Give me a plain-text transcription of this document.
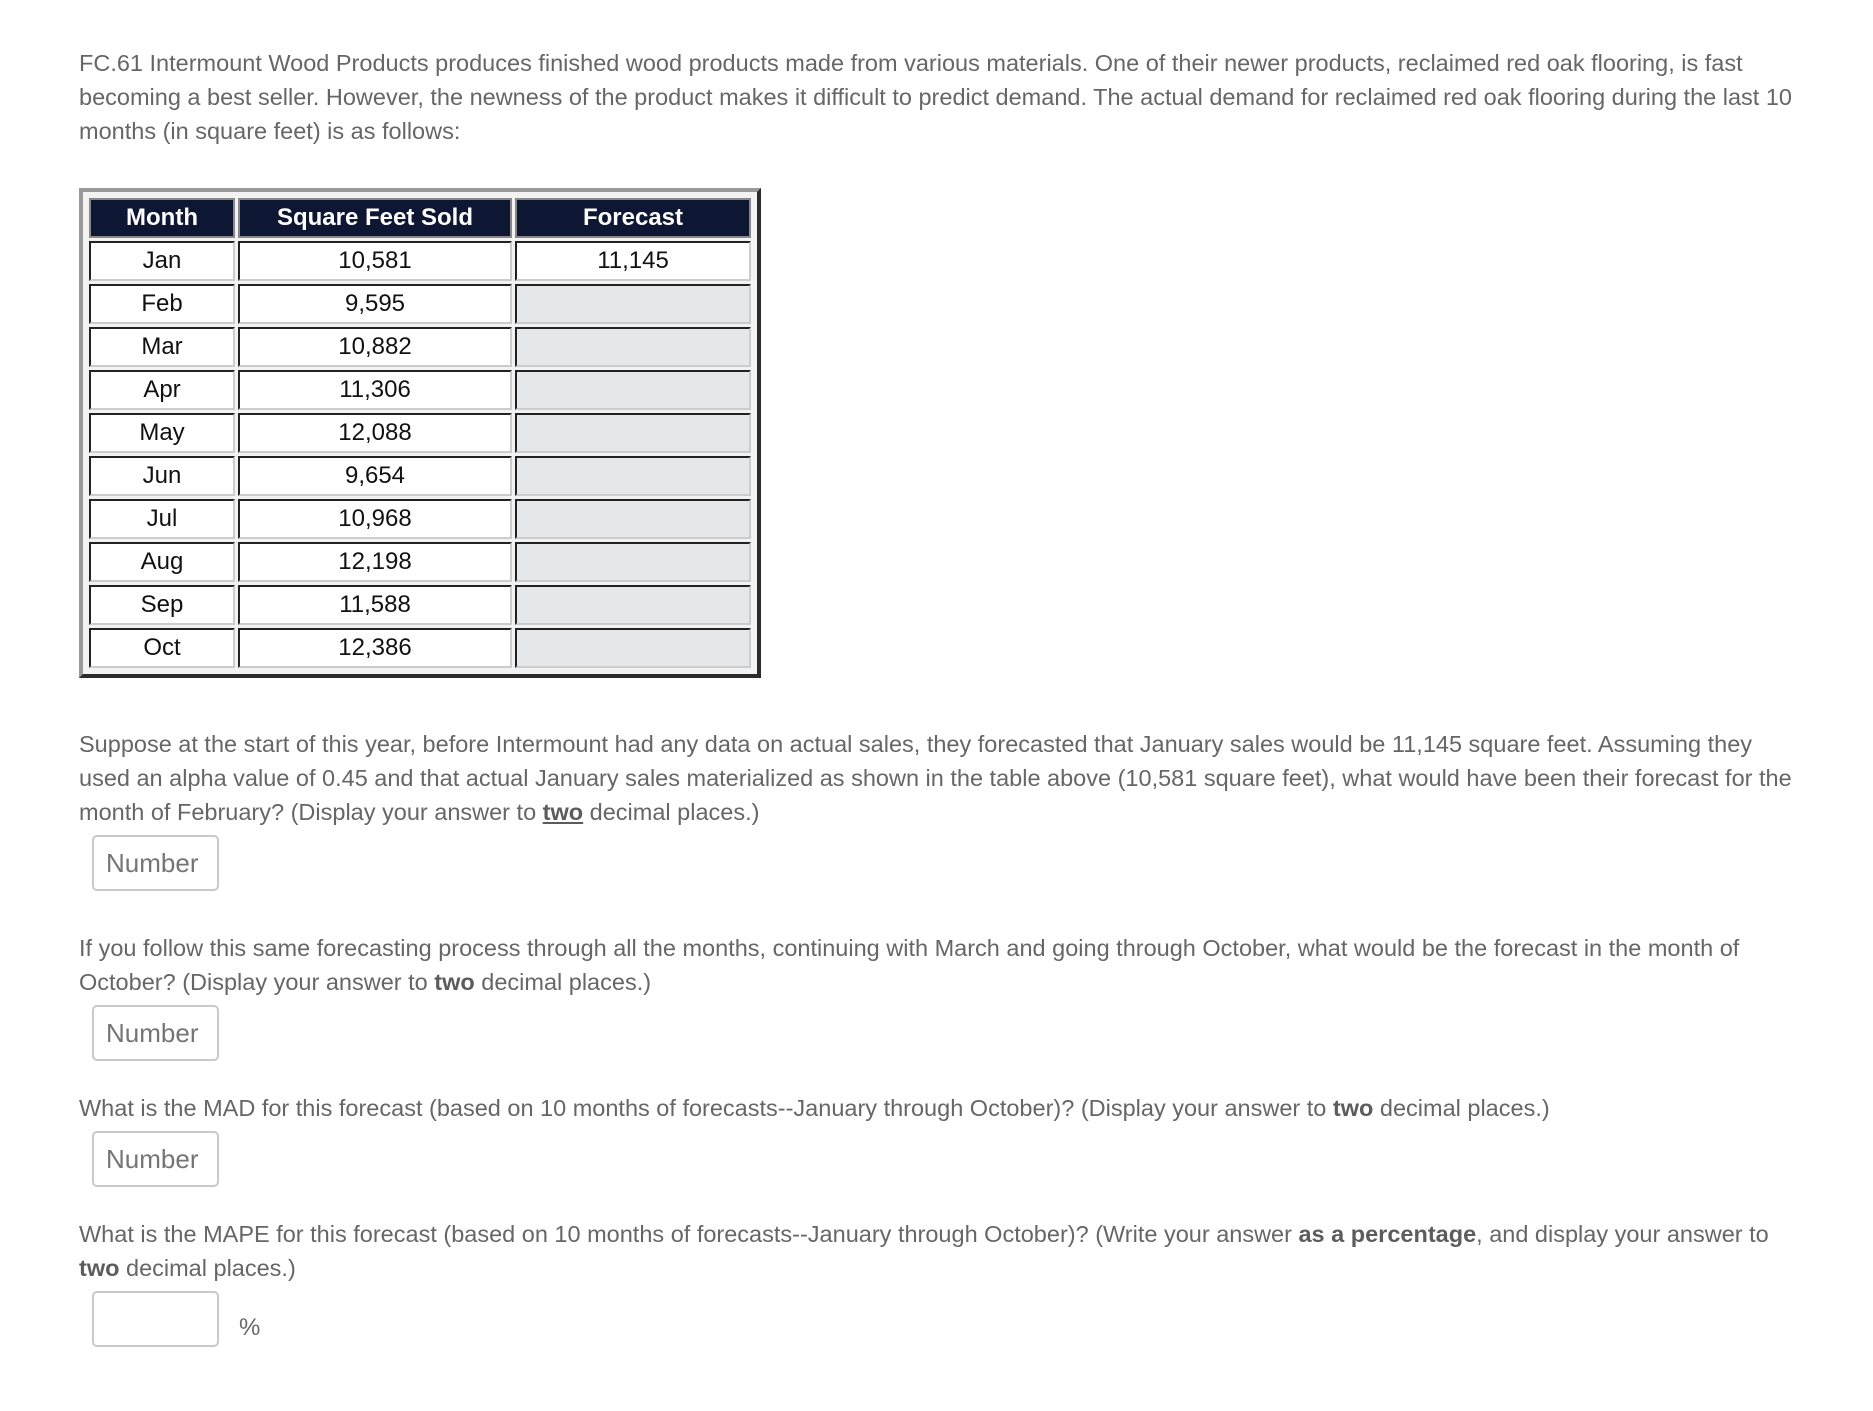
FC.61 Intermount Wood Products produces finished wood products made from various materials. One of their newer products, reclaimed red oak flooring, is fast becoming a best seller. However, the newness of the product makes it difficult to predict demand. The actual demand for reclaimed red oak flooring during the last 10 months (in square feet) is as follows:

Month	Square Feet Sold	Forecast
Jan	10,581	11,145
Feb	9,595	
Mar	10,882	
Apr	11,306	
May	12,088	
Jun	9,654	
Jul	10,968	
Aug	12,198	
Sep	11,588	
Oct	12,386	

Suppose at the start of this year, before Intermount had any data on actual sales, they forecasted that January sales would be 11,145 square feet. Assuming they used an alpha value of 0.45 and that actual January sales materialized as shown in the table above (10,581 square feet), what would have been their forecast for the month of February? (Display your answer to two decimal places.)

Number

If you follow this same forecasting process through all the months, continuing with March and going through October, what would be the forecast in the month of October? (Display your answer to two decimal places.)

Number

What is the MAD for this forecast (based on 10 months of forecasts--January through October)? (Display your answer to two decimal places.)

Number

What is the MAPE for this forecast (based on 10 months of forecasts--January through October)? (Write your answer as a percentage, and display your answer to two decimal places.)

%
